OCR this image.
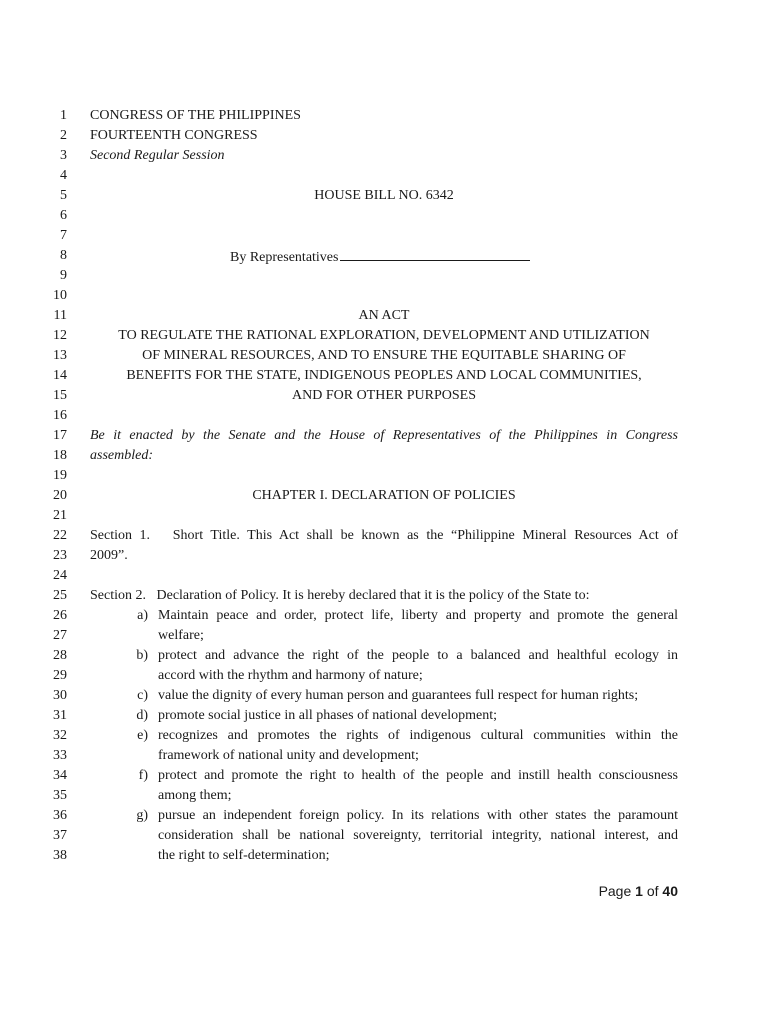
1 CONGRESS OF THE PHILIPPINES
2 FOURTEENTH CONGRESS
3 Second Regular Session
4
5	HOUSE BILL NO. 6342
6
7
8	By Representatives
9
10
11	AN ACT
12	TO REGULATE THE RATIONAL EXPLORATION, DEVELOPMENT AND UTILIZATION
13	OF MINERAL RESOURCES, AND TO ENSURE THE EQUITABLE SHARING OF
14	BENEFITS FOR THE STATE, INDIGENOUS PEOPLES AND LOCAL COMMUNITIES,
15	AND FOR OTHER PURPOSES
16
17 Be it enacted by the Senate and the House of Representatives of the Philippines in Congress
18 assembled:
19
20	CHAPTER I. DECLARATION OF POLICIES
21
22 Section 1.   Short Title. This Act shall be known as the “Philippine Mineral Resources Act of
23 2009”.
24
25 Section 2.   Declaration of Policy. It is hereby declared that it is the policy of the State to:
26	a) Maintain peace and order, protect life, liberty and property and promote the general
27	welfare;
28	b) protect and advance the right of the people to a balanced and healthful ecology in
29	accord with the rhythm and harmony of nature;
30	c) value the dignity of every human person and guarantees full respect for human rights;
31	d) promote social justice in all phases of national development;
32	e) recognizes and promotes the rights of indigenous cultural communities within the
33	framework of national unity and development;
34	f) protect and promote the right to health of the people and instill health consciousness
35	among them;
36	g) pursue an independent foreign policy. In its relations with other states the paramount
37	consideration shall be national sovereignty, territorial integrity, national interest, and
38	the right to self-determination;
Page 1 of 40
